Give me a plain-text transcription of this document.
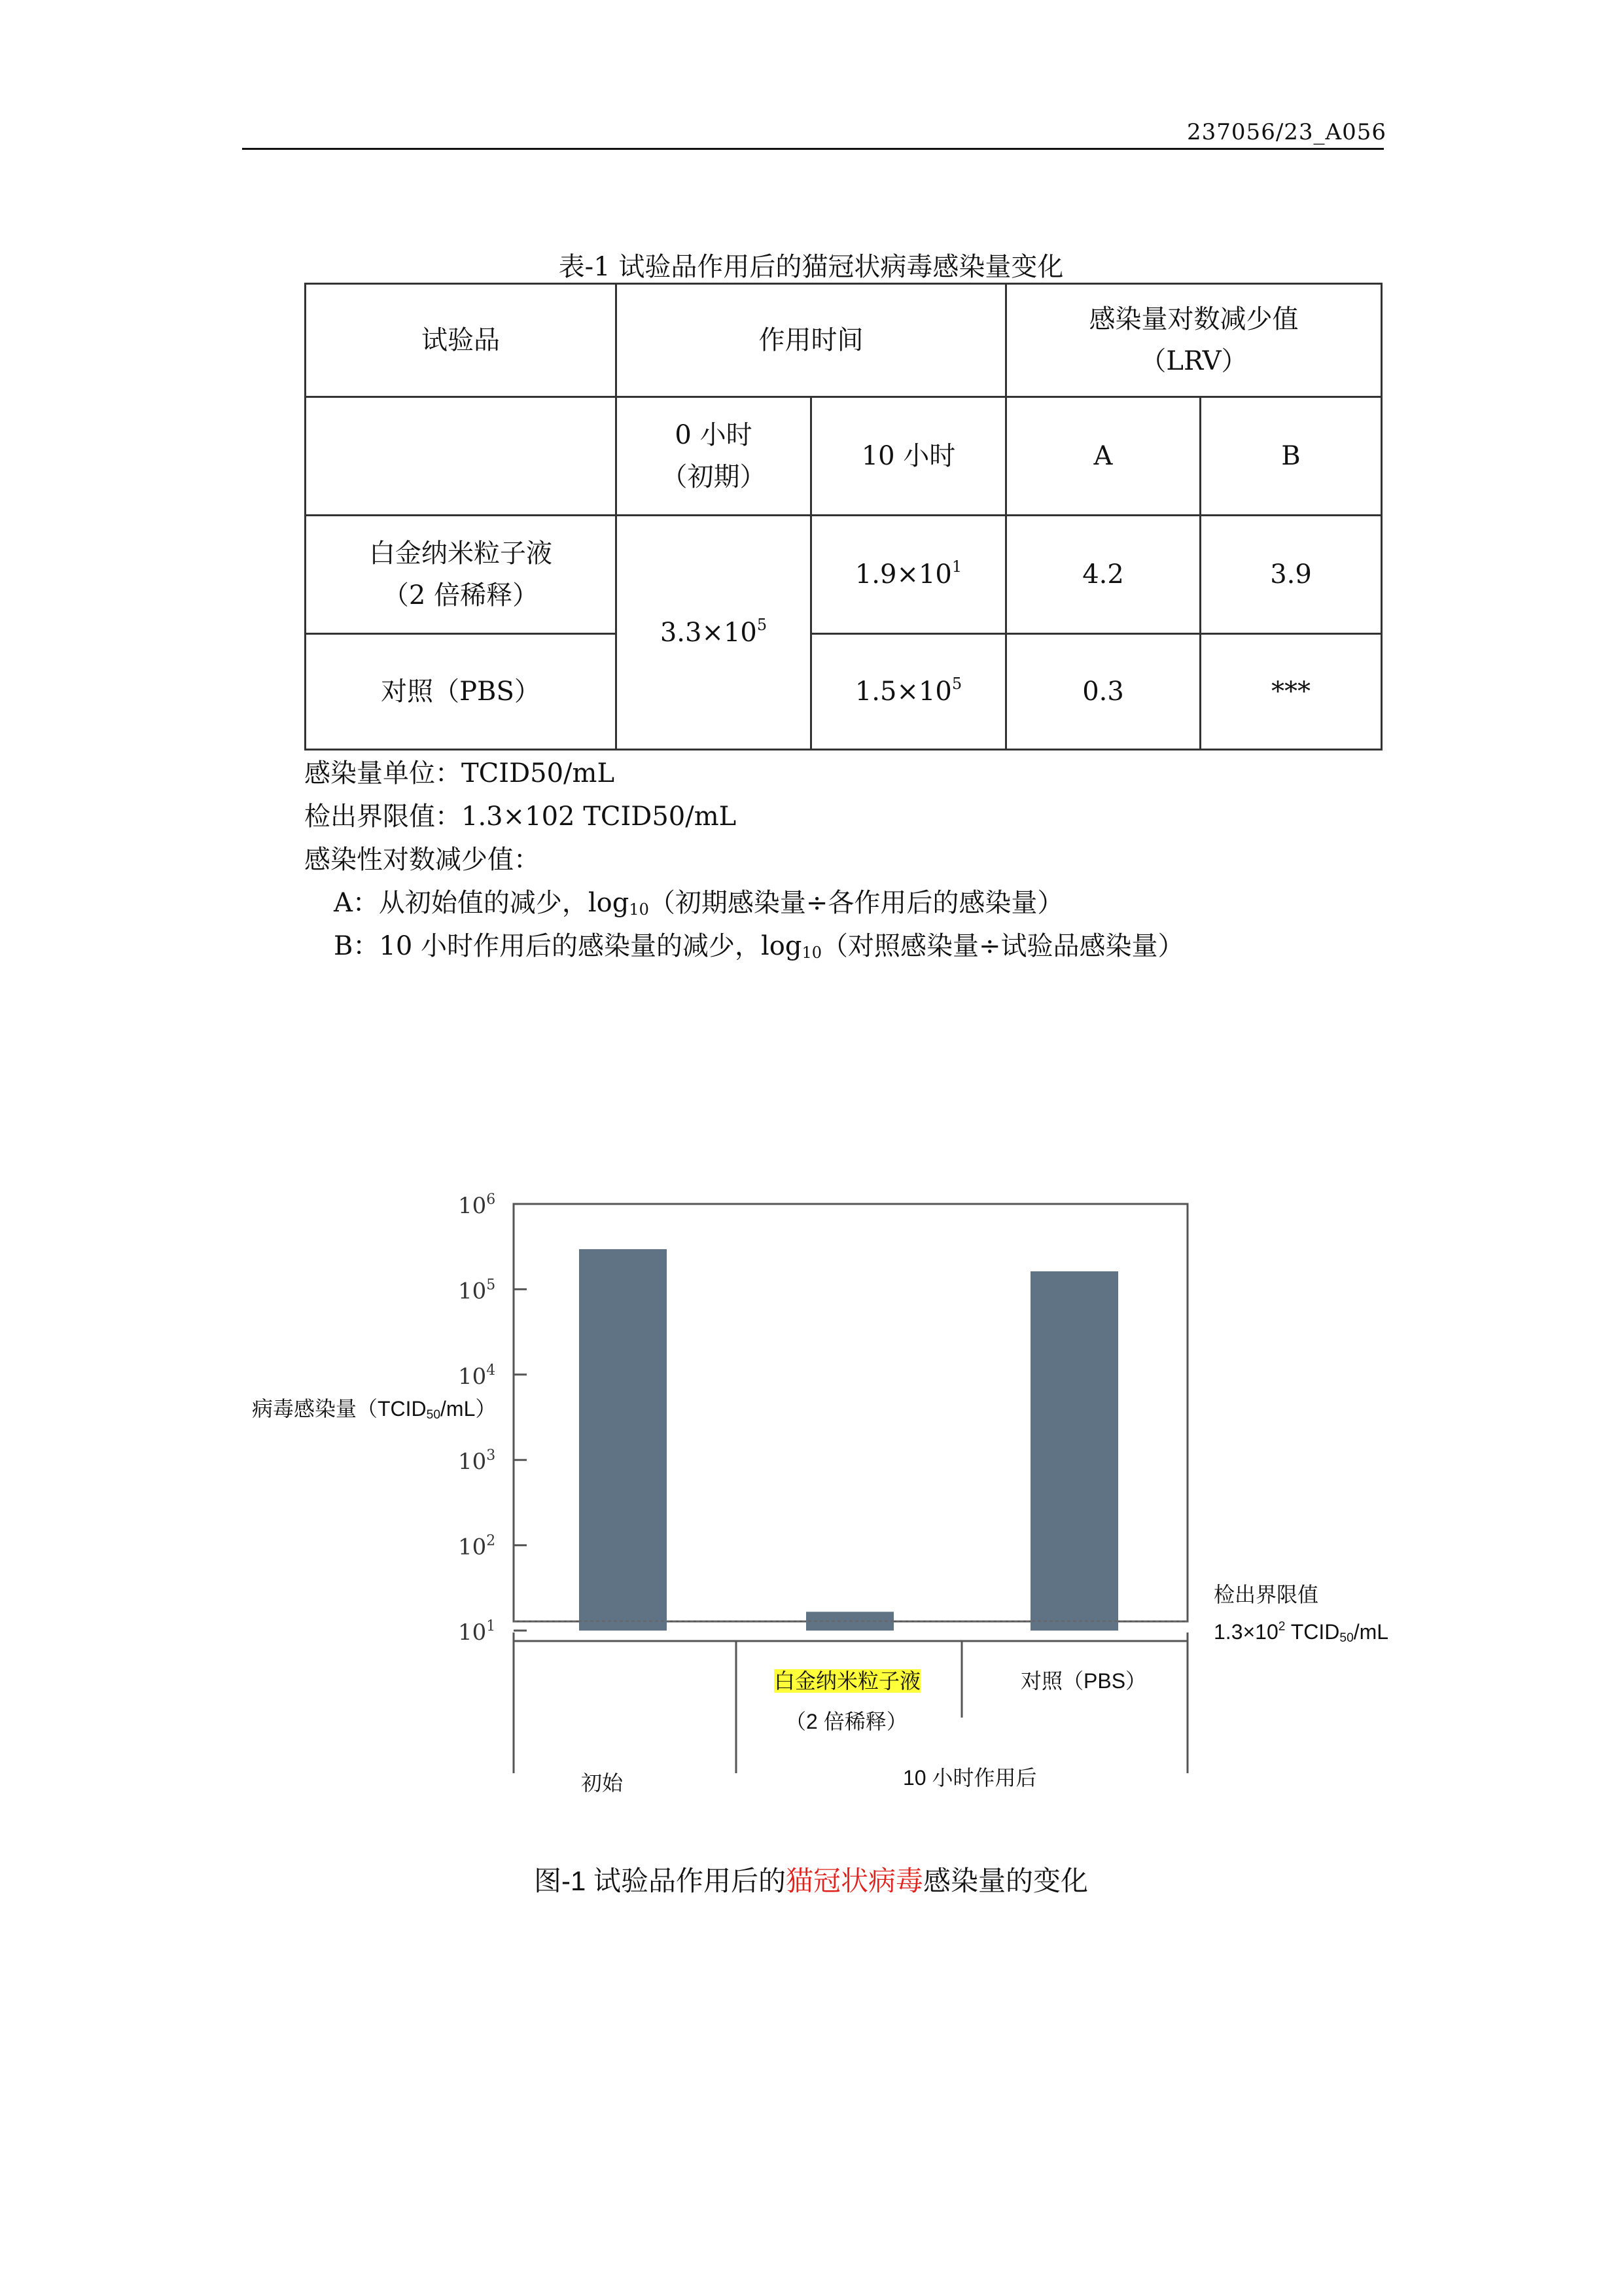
237056/23_A056
表-1 试验品作用后的猫冠状病毒感染量变化
试验品	作用时间		感染量对数减少值
（LRV）	

	0 小时
（初期）	10 小时	A	B

白金纳米粒子液
（2 倍稀释）	$3.3\times 10^5$	$1.9\times 10^1$	4.2	3.9
对照（PBS）		$1.5\times 10^5$	0.3	***
感染量单位：TCID50/mL
检出界限值：1.3×102 TCID50/mL
感染性对数减少值：
A：从初始值的减少，$\log_{10}$（初期感染量÷各作用后的感染量）
B：10 小时作用后的感染量的减少，$\log_{10}$（对照感染量÷试验品感染量）
$10^6$
$10^5$
$10^4$
$10^3$
$10^2$
$10^1$
病毒感染量$(TCID_{50}/mL)$
检出界限值
$1.3\times 10^2$ $TCID_{50}/mL$
白金纳米粒子液
（2 倍稀释）
对照（PBS）
初始	10 小时作用后
图-1 试验品作用后的猫冠状病毒感染量的变化
